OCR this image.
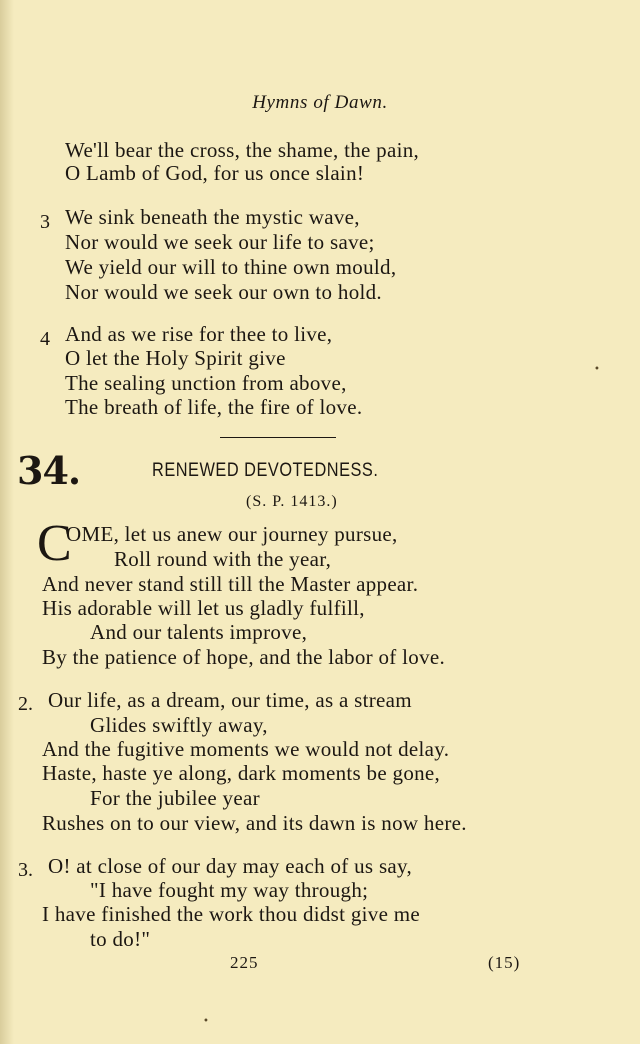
Hymns of Dawn.
We'll bear the cross, the shame, the pain,
O Lamb of God, for us once slain!
3 We sink beneath the mystic wave,
Nor would we seek our life to save;
We yield our will to thine own mould,
Nor would we seek our own to hold.
4 And as we rise for thee to live,
O let the Holy Spirit give
The sealing unction from above,
The breath of life, the fire of love.
34.	RENEWED DEVOTEDNESS.
(S. P. 1413.)
C
OME, let us anew our journey pursue,
Roll round with the year,
And never stand still till the Master appear.
His adorable will let us gladly fulfill,
And our talents improve,
By the patience of hope, and the labor of love.
2. Our life, as a dream, our time, as a stream
Glides swiftly away,
And the fugitive moments we would not delay.
Haste, haste ye along, dark moments be gone,
For the jubilee year
Rushes on to our view, and its dawn is now here.
3. O! at close of our day may each of us say,
"I have fought my way through;
I have finished the work thou didst give me
to do!"
225	(15)
•
•
